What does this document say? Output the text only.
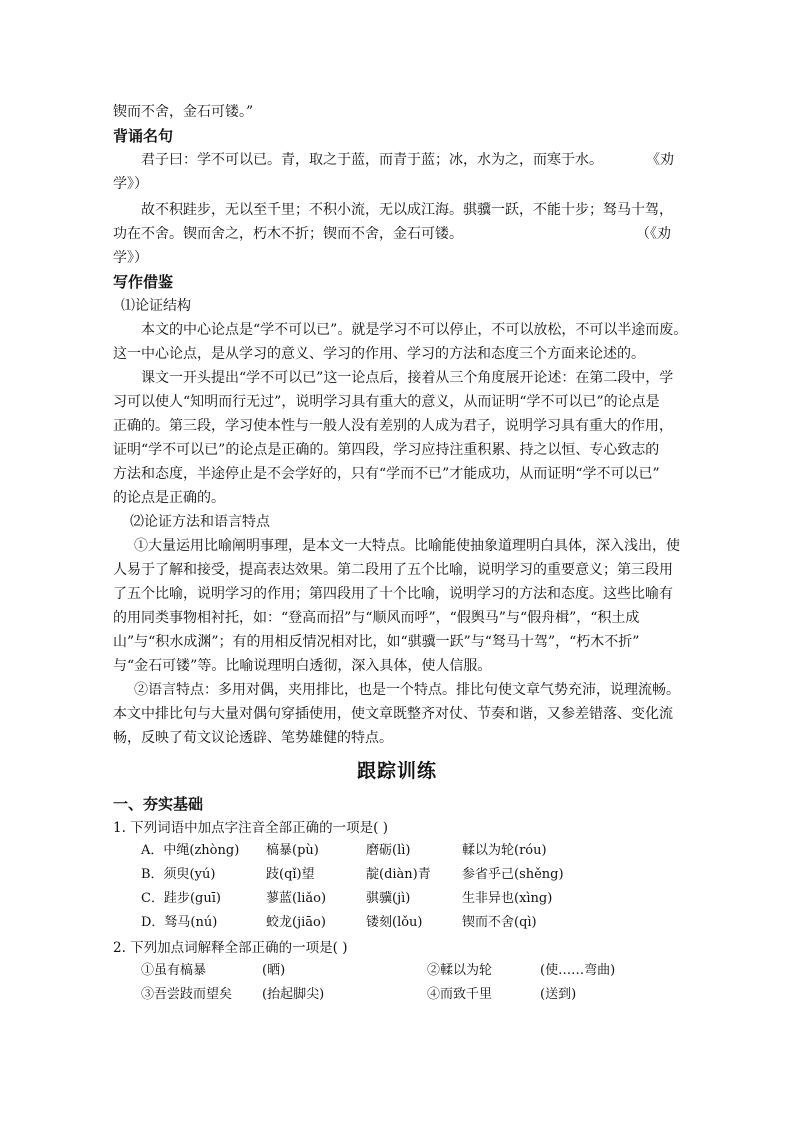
锲而不舍，金石可镂。”
背诵名句
君子曰：学不可以已。青，取之于蓝，而青于蓝；冰，水为之，而寒于水。	《劝
学》）
故不积跬步，无以至千里；不积小流，无以成江海。骐骥一跃，不能十步；驽马十驾，
功在不舍。锲而舍之，朽木不折；锲而不舍，金石可镂。	（《劝
学》）
写作借鉴
⑴论证结构
本文的中心论点是“学不可以已”。就是学习不可以停止，不可以放松，不可以半途而废。
这一中心论点，是从学习的意义、学习的作用、学习的方法和态度三个方面来论述的。
课文一开头提出“学不可以已”这一论点后，接着从三个角度展开论述：在第二段中，学
习可以使人“知明而行无过”，说明学习具有重大的意义，从而证明“学不可以已”的论点是
正确的。第三段，学习使本性与一般人没有差别的人成为君子，说明学习具有重大的作用，
证明“学不可以已”的论点是正确的。第四段，学习应持注重积累、持之以恒、专心致志的
方法和态度，半途停止是不会学好的，只有“学而不已”才能成功，从而证明“学不可以已”
的论点是正确的。
⑵论证方法和语言特点
①大量运用比喻阐明事理，是本文一大特点。比喻能使抽象道理明白具体，深入浅出，使
人易于了解和接受，提高表达效果。第二段用了五个比喻，说明学习的重要意义；第三段用
了五个比喻，说明学习的作用；第四段用了十个比喻，说明学习的方法和态度。这些比喻有
的用同类事物相衬托，如：“登高而招”与“顺风而呼”，“假舆马”与“假舟楫”，“积土成
山”与“积水成渊”；有的用相反情况相对比，如“骐骥一跃”与“驽马十驾”，“朽木不折”
与“金石可镂”等。比喻说理明白透彻，深入具体，使人信服。
②语言特点：多用对偶，夹用排比，也是一个特点。排比句使文章气势充沛，说理流畅。
本文中排比句与大量对偶句穿插使用，使文章既整齐对仗、节奏和谐，又参差错落、变化流
畅，反映了荀文议论透辟、笔势雄健的特点。
跟踪训练
一、夯实基础
1. 下列词语中加点字注音全部正确的一项是( )
A．中绳(zhòng) 槁暴(pù)	磨砺(lì)	輮以为轮(róu)
B．须臾(yú)	跂(qǐ)望	靛(diàn)青 参省乎己(shěng)
C．跬步(guī)	蓼蓝(liǎo)	骐骥(jì)	生非异也(xìng)
D．驽马(nú)	蛟龙(jiāo)	镂刻(lǒu)	锲而不舍(qì)
2. 下列加点词解释全部正确的一项是( )
①虽有槁暴	(晒)	②輮以为轮	(使……弯曲)
③吾尝跂而望矣 (抬起脚尖)	④而致千里	(送到)
